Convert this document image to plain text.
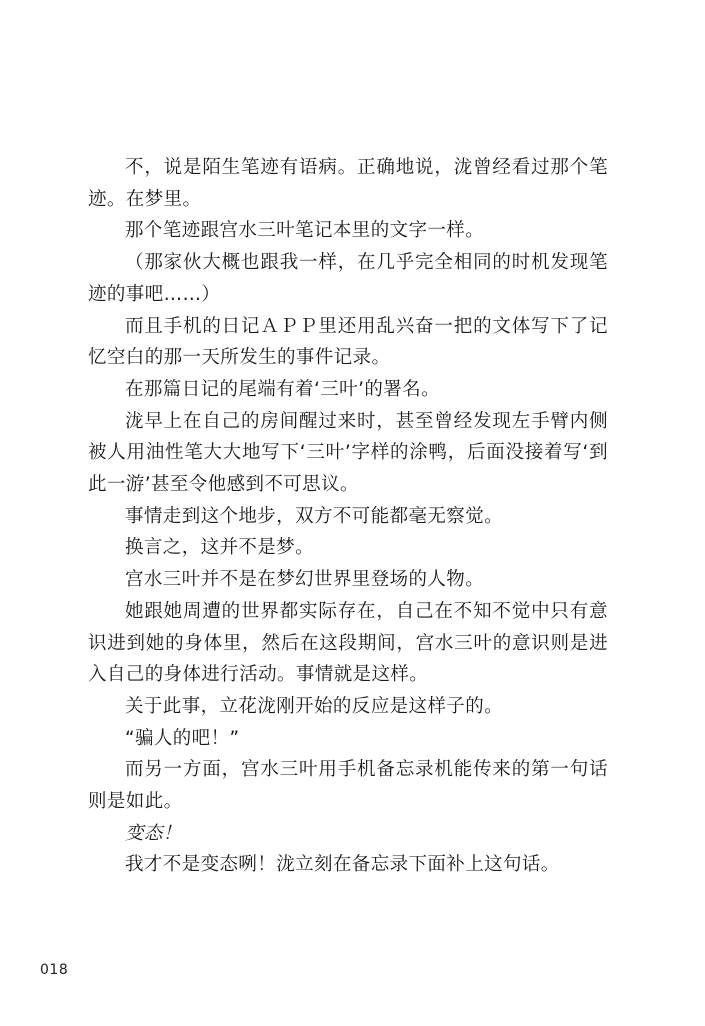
不，说是陌生笔迹有语病。正确地说，泷曾经看过那个笔迹。在梦里。

那个笔迹跟宫水三叶笔记本里的文字一样。

（那家伙大概也跟我一样，在几乎完全相同的时机发现笔迹的事吧……）

而且手机的日记ＡＰＰ里还用乱兴奋一把的文体写下了记忆空白的那一天所发生的事件记录。

在那篇日记的尾端有着‘三叶’的署名。

泷早上在自己的房间醒过来时，甚至曾经发现左手臂内侧被人用油性笔大大地写下‘三叶’字样的涂鸭，后面没接着写‘到此一游’甚至令他感到不可思议。

事情走到这个地步，双方不可能都毫无察觉。

换言之，这并不是梦。

宫水三叶并不是在梦幻世界里登场的人物。

她跟她周遭的世界都实际存在，自己在不知不觉中只有意识进到她的身体里，然后在这段期间，宫水三叶的意识则是进入自己的身体进行活动。事情就是这样。

关于此事，立花泷刚开始的反应是这样子的。

“骗人的吧！”

而另一方面，宫水三叶用手机备忘录机能传来的第一句话则是如此。

变态！

我才不是变态咧！泷立刻在备忘录下面补上这句话。

018
